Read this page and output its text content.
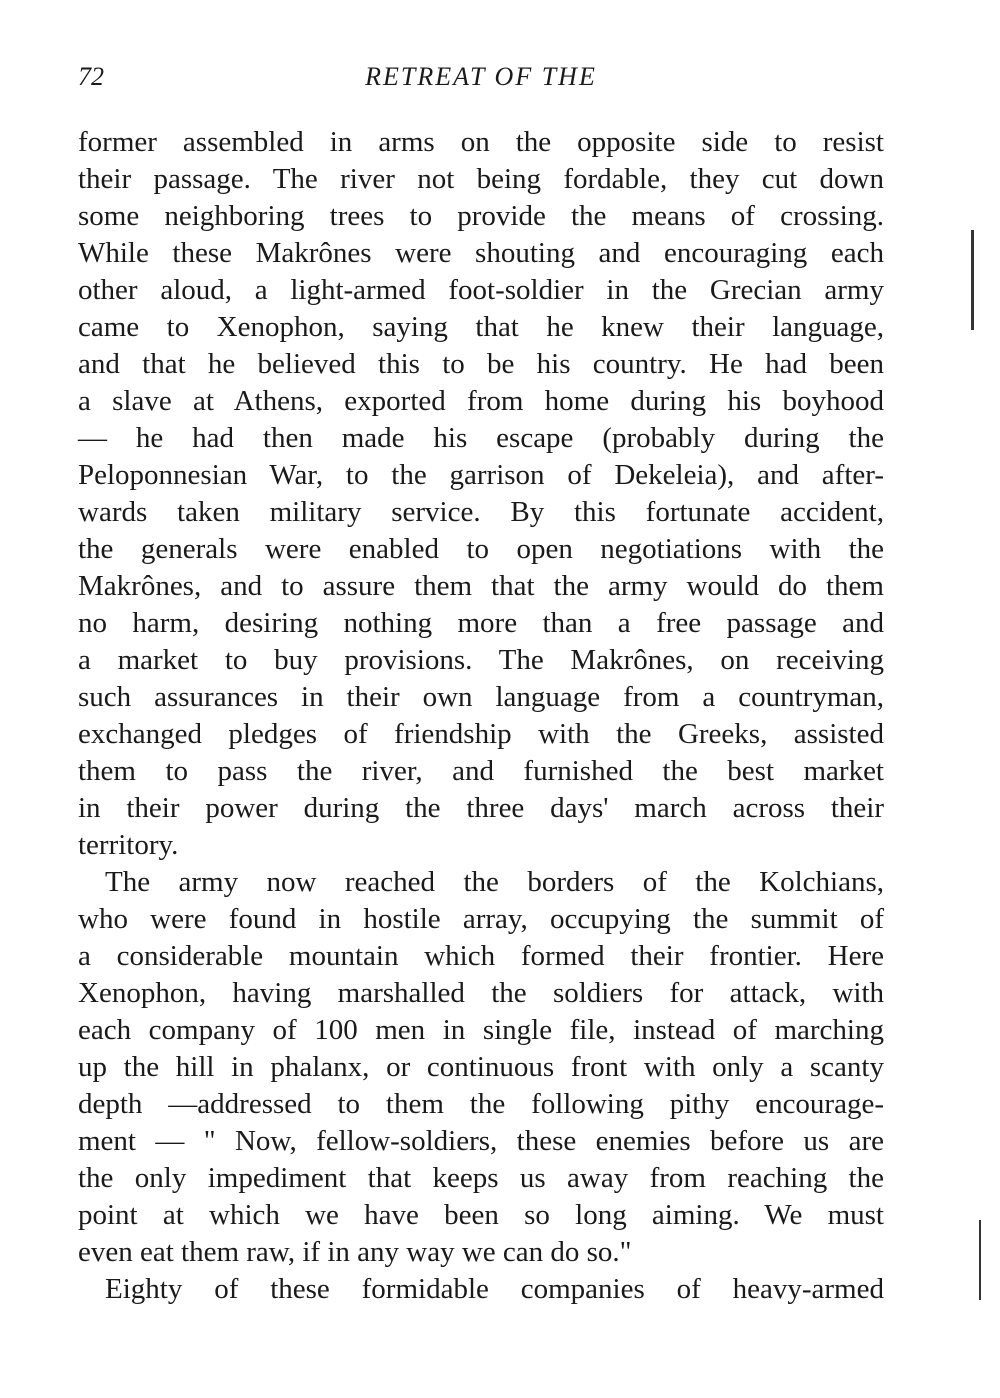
72	RETREAT OF THE
former assembled in arms on the opposite side to resist
their passage. The river not being fordable, they cut down
some neighboring trees to provide the means of crossing.
While these Makrônes were shouting and encouraging each
other aloud, a light-armed foot-soldier in the Grecian army
came to Xenophon, saying that he knew their language,
and that he believed this to be his country. He had been
a slave at Athens, exported from home during his boyhood
— he had then made his escape (probably during the
Peloponnesian War, to the garrison of Dekeleia), and after-
wards taken military service. By this fortunate accident,
the generals were enabled to open negotiations with the
Makrônes, and to assure them that the army would do them
no harm, desiring nothing more than a free passage and
a market to buy provisions. The Makrônes, on receiving
such assurances in their own language from a countryman,
exchanged pledges of friendship with the Greeks, assisted
them to pass the river, and furnished the best market
in their power during the three days' march across their
territory.
The army now reached the borders of the Kolchians,
who were found in hostile array, occupying the summit of
a considerable mountain which formed their frontier. Here
Xenophon, having marshalled the soldiers for attack, with
each company of 100 men in single file, instead of marching
up the hill in phalanx, or continuous front with only a scanty
depth —addressed to them the following pithy encourage-
ment — " Now, fellow-soldiers, these enemies before us are
the only impediment that keeps us away from reaching the
point at which we have been so long aiming. We must
even eat them raw, if in any way we can do so."
Eighty of these formidable companies of heavy-armed
